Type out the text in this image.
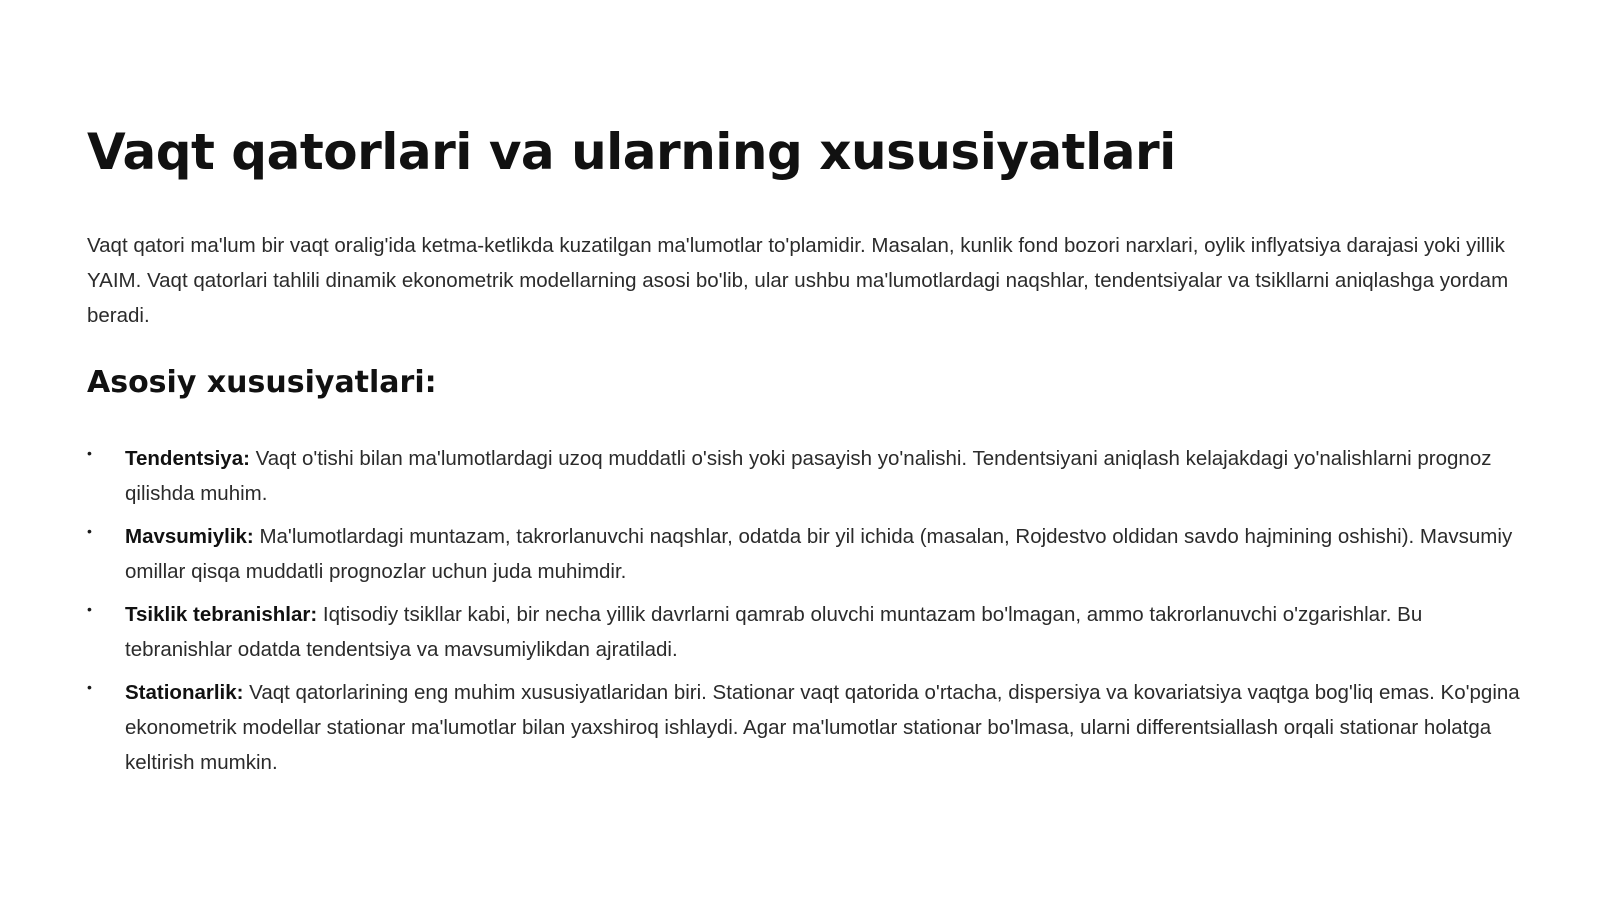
Vaqt qatorlari va ularning xususiyatlari

Vaqt qatori ma'lum bir vaqt oralig'ida ketma-ketlikda kuzatilgan ma'lumotlar to'plamidir. Masalan, kunlik fond bozori narxlari, oylik inflyatsiya darajasi yoki yillik YAIM. Vaqt qatorlari tahlili dinamik ekonometrik modellarning asosi bo'lib, ular ushbu ma'lumotlardagi naqshlar, tendentsiyalar va tsikllarni aniqlashga yordam beradi.

Asosiy xususiyatlari:
• Tendentsiya: Vaqt o'tishi bilan ma'lumotlardagi uzoq muddatli o'sish yoki pasayish yo'nalishi. Tendentsiyani aniqlash kelajakdagi yo'nalishlarni prognoz qilishda muhim.
• Mavsumiylik: Ma'lumotlardagi muntazam, takrorlanuvchi naqshlar, odatda bir yil ichida (masalan, Rojdestvo oldidan savdo hajmining oshishi). Mavsumiy omillar qisqa muddatli prognozlar uchun juda muhimdir.
• Tsiklik tebranishlar: Iqtisodiy tsikllar kabi, bir necha yillik davrlarni qamrab oluvchi muntazam bo'lmagan, ammo takrorlanuvchi o'zgarishlar. Bu tebranishlar odatda tendentsiya va mavsumiylikdan ajratiladi.
• Stationarlik: Vaqt qatorlarining eng muhim xususiyatlaridan biri. Stationar vaqt qatorida o'rtacha, dispersiya va kovariatsiya vaqtga bog'liq emas. Ko'pgina ekonometrik modellar stationar ma'lumotlar bilan yaxshiroq ishlaydi. Agar ma'lumotlar stationar bo'lmasa, ularni differentsiallash orqali stationar holatga keltirish mumkin.
